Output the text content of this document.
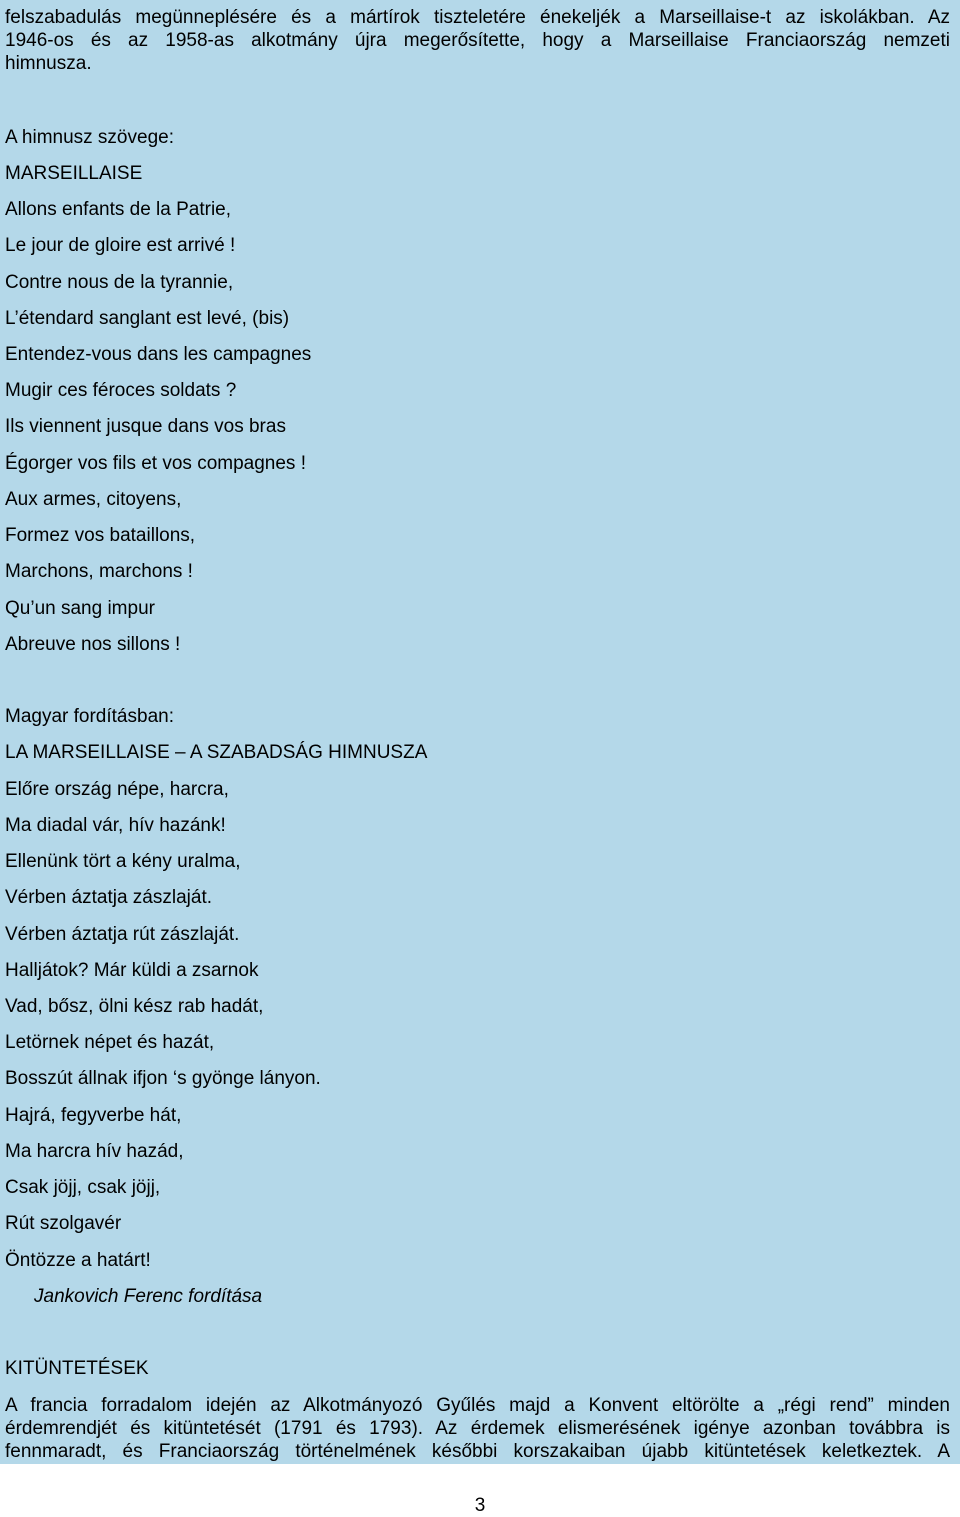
felszabadulás megünneplésére és a mártírok tiszteletére énekeljék a Marseillaise-t az iskolákban. Az

1946-os és az 1958-as alkotmány újra megerősítette, hogy a Marseillaise Franciaország nemzeti

himnusza.

A himnusz szövege:

MARSEILLAISE

Allons enfants de la Patrie,

Le jour de gloire est arrivé !

Contre nous de la tyrannie,

L’étendard sanglant est levé, (bis)

Entendez-vous dans les campagnes

Mugir ces féroces soldats ?

Ils viennent jusque dans vos bras

Égorger vos fils et vos compagnes !

Aux armes, citoyens,

Formez vos bataillons,

Marchons, marchons !

Qu’un sang impur

Abreuve nos sillons !

Magyar fordításban:

LA MARSEILLAISE – A SZABADSÁG HIMNUSZA

Előre ország népe, harcra,

Ma diadal vár, hív hazánk!

Ellenünk tört a kény uralma,

Vérben áztatja zászlaját.

Vérben áztatja rút zászlaját.

Halljátok? Már küldi a zsarnok

Vad, bősz, ölni kész rab hadát,

Letörnek népet és hazát,

Bosszút állnak ifjon ‘s gyönge lányon.

Hajrá, fegyverbe hát,

Ma harcra hív hazád,

Csak jöjj, csak jöjj,

Rút szolgavér

Öntözze a határt!

Jankovich Ferenc fordítása

KITÜNTETÉSEK

A francia forradalom idején az Alkotmányozó Gyűlés majd a Konvent eltörölte a „régi rend” minden

érdemrendjét és kitüntetését (1791 és 1793). Az érdemek elismerésének igénye azonban továbbra is

fennmaradt, és Franciaország történelmének későbbi korszakaiban újabb kitüntetések keletkeztek. A

3
